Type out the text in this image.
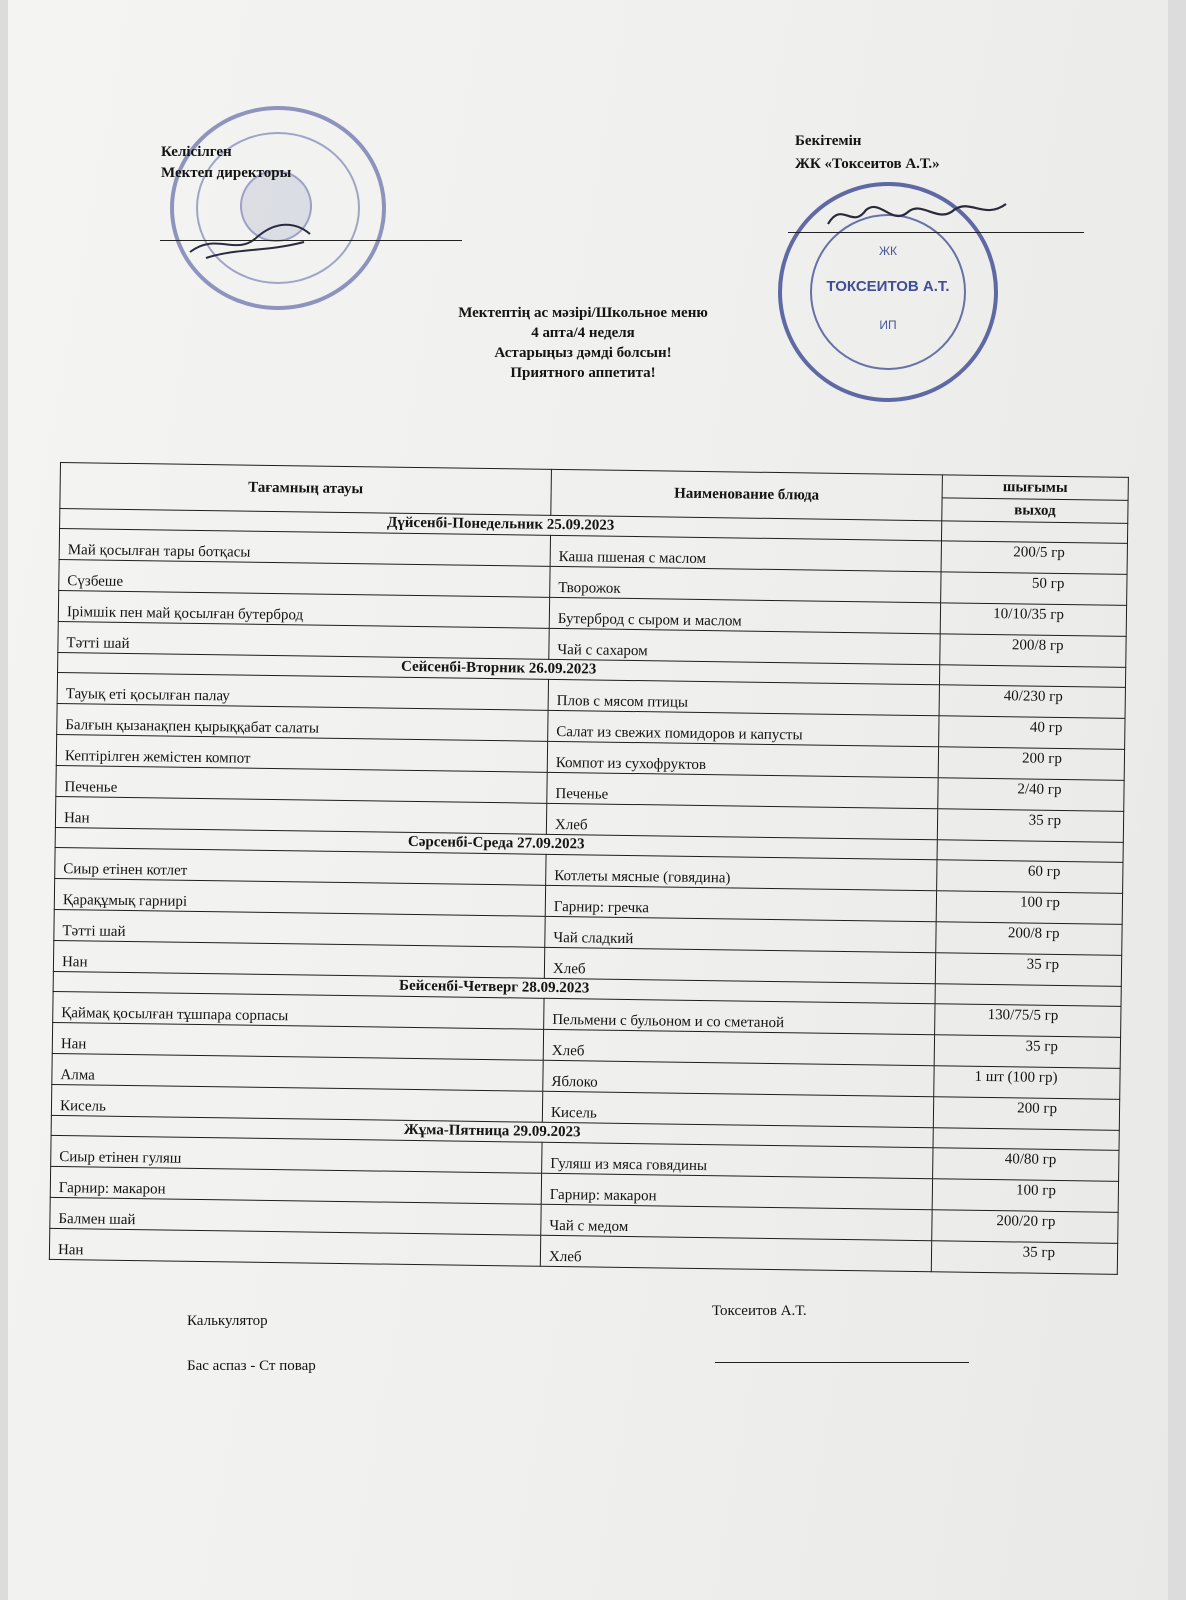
Келісілген
Мектеп директоры
Бекітемін
ЖК «Токсеитов А.Т.»
ЖК
ТОКСЕИТОВ А.Т.
ИП
Мектептің ас мәзірі/Школьное меню
4 апта/4 неделя
Астарыңыз дәмді болсын!
Приятного аппетита!
Тағамның атауы	Наименование блюда	шығымы
		выход
Дүйсенбі-Понедельник 25.09.2023		
Май қосылған тары ботқасы	Каша пшеная с маслом	200/5 гр
Сүзбеше	Творожок	50 гр
Ірімшік пен май қосылған бутерброд	Бутерброд с сыром и маслом	10/10/35 гр
Тәтті шай	Чай с сахаром	200/8 гр
Сейсенбі-Вторник 26.09.2023		
Тауық еті қосылған палау	Плов с мясом птицы	40/230 гр
Балғын қызанақпен қырыққабат салаты	Салат из свежих помидоров и капусты	40 гр
Кептірілген жемістен компот	Компот из сухофруктов	200 гр
Печенье	Печенье	2/40 гр
Нан	Хлеб	35 гр
Сәрсенбі-Среда 27.09.2023		
Сиыр етінен котлет	Котлеты мясные (говядина)	60 гр
Қарақұмық гарнирі	Гарнир: гречка	100 гр
Тәтті шай	Чай сладкий	200/8 гр
Нан	Хлеб	35 гр
Бейсенбі-Четверг 28.09.2023		
Қаймақ қосылған тұшпара сорпасы	Пельмени с бульоном и со сметаной	130/75/5 гр
Нан	Хлеб	35 гр
Алма	Яблоко	1 шт (100 гр)
Кисель	Кисель	200 гр
Жұма-Пятница 29.09.2023		
Сиыр етінен гуляш	Гуляш из мяса говядины	40/80 гр
Гарнир: макарон	Гарнир: макарон	100 гр
Балмен шай	Чай с медом	200/20 гр
Нан	Хлеб	35 гр
Калькулятор
Бас аспаз - Ст повар
Токсеитов А.Т.
